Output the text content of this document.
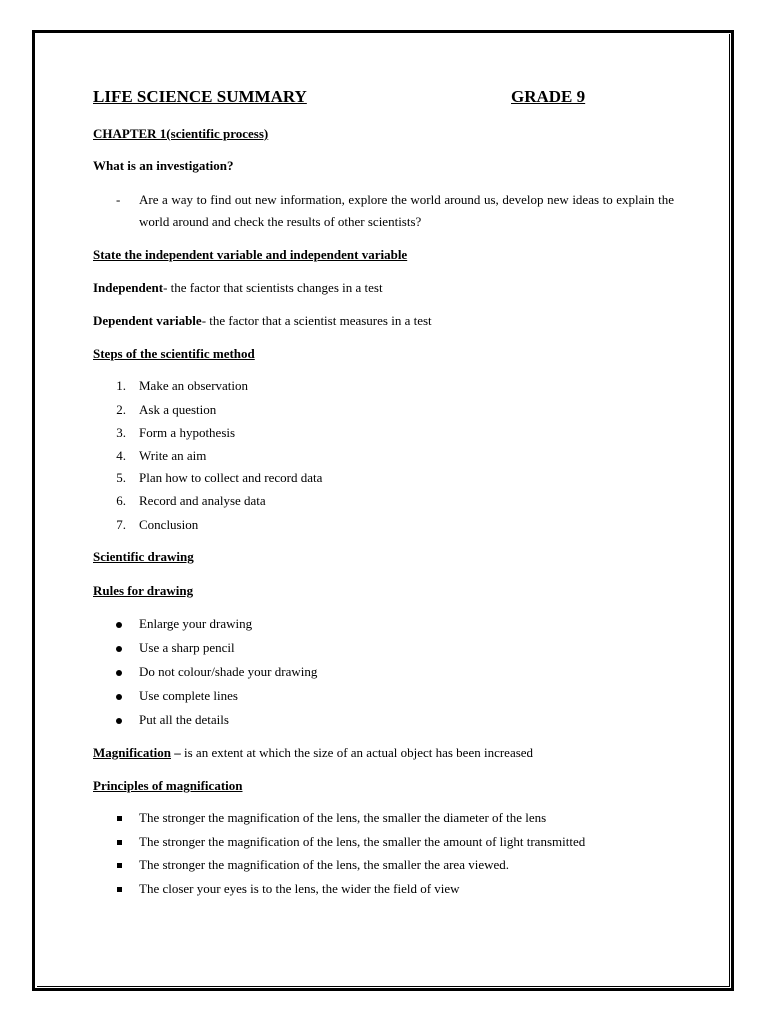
LIFE SCIENCE SUMMARY	GRADE 9
CHAPTER 1(scientific process)
What is an investigation?
- Are a way to find out new information, explore the world around us, develop new ideas to explain the world around and check the results of other scientists?
State the independent variable and independent variable
Independent- the factor that scientists changes in a test
Dependent variable- the factor that a scientist measures in a test
Steps of the scientific method
1. Make an observation
2. Ask a question
3. Form a hypothesis
4. Write an aim
5. Plan how to collect and record data
6. Record and analyse data
7. Conclusion
Scientific drawing
Rules for drawing
Enlarge your drawing
Use a sharp pencil
Do not colour/shade your drawing
Use complete lines
Put all the details
Magnification – is an extent at which the size of an actual object has been increased
Principles of magnification
The stronger the magnification of the lens, the smaller the diameter of the lens
The stronger the magnification of the lens, the smaller the amount of light transmitted
The stronger the magnification of the lens, the smaller the area viewed.
The closer your eyes is to the lens, the wider the field of view
